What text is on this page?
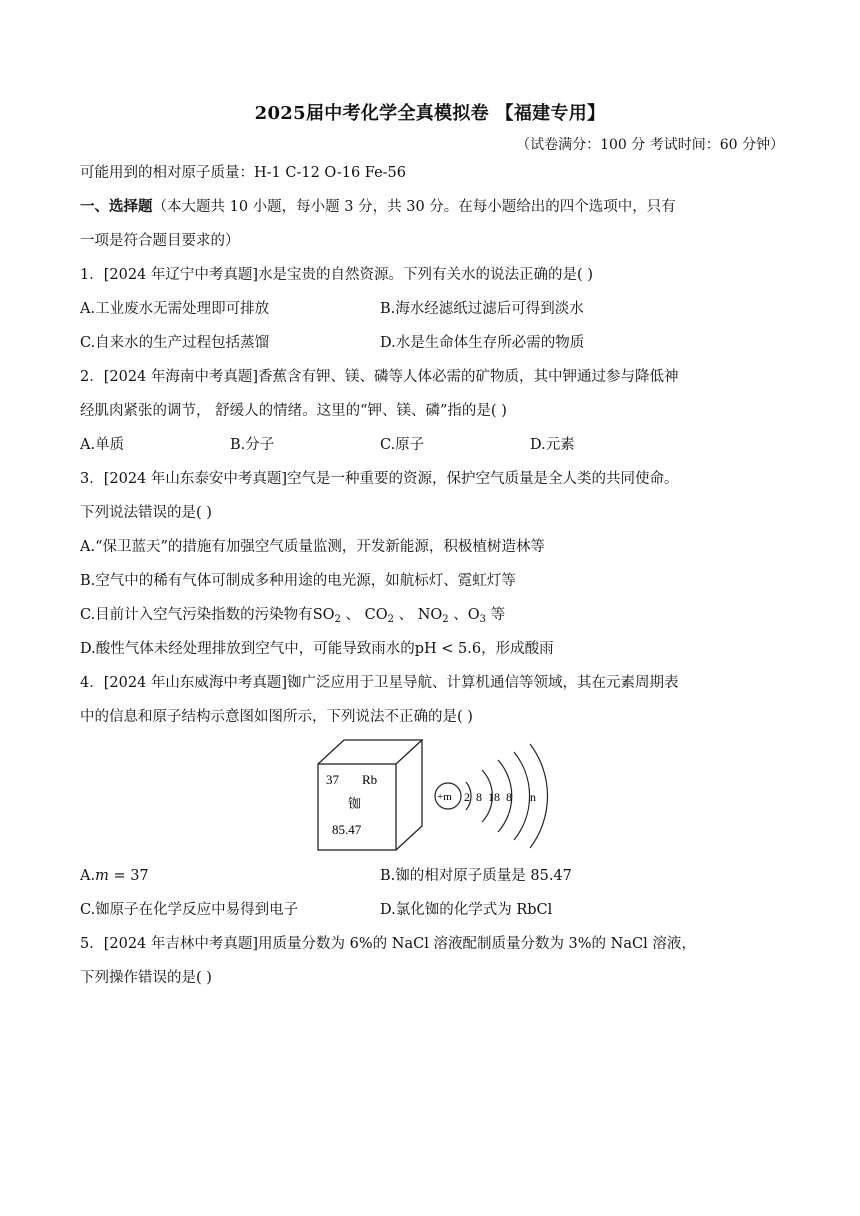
2025届中考化学全真模拟卷 【福建专用】
（试卷满分：100 分 考试时间：60 分钟）
可能用到的相对原子质量：H-1 C-12 O-16 Fe-56
一、选择题（本大题共 10 小题，每小题 3 分，共 30 分。在每小题给出的四个选项中，只有
一项是符合题目要求的）
1．[2024 年辽宁中考真题]水是宝贵的自然资源。下列有关水的说法正确的是( )
A.工业废水无需处理即可排放	B.海水经滤纸过滤后可得到淡水
C.自来水的生产过程包括蒸馏	D.水是生命体生存所必需的物质
2．[2024 年海南中考真题]香蕉含有钾、镁、磷等人体必需的矿物质，其中钾通过参与降低神
经肌肉紧张的调节， 舒缓人的情绪。这里的“钾、镁、磷”指的是( )
A.单质	B.分子	C.原子	D.元素
3．[2024 年山东泰安中考真题]空气是一种重要的资源，保护空气质量是全人类的共同使命。
下列说法错误的是( )
A.“保卫蓝天”的措施有加强空气质量监测，开发新能源，积极植树造林等
B.空气中的稀有气体可制成多种用途的电光源，如航标灯、霓虹灯等
C.目前计入空气污染指数的污染物有$SO_2$ 、 $CO_2$ 、 $NO_2$ 、$O_3$ 等
D.酸性气体未经处理排放到空气中，可能导致雨水的pH < 5.6，形成酸雨
4．[2024 年山东威海中考真题]铷广泛应用于卫星导航、计算机通信等领域，其在元素周期表
中的信息和原子结构示意图如图所示，下列说法不正确的是( )
37 Rb
铷
85.47
+m 2 8 18 8 n
A.m = 37	B.铷的相对原子质量是 85.47
C.铷原子在化学反应中易得到电子	D.氯化铷的化学式为 RbCl
5．[2024 年吉林中考真题]用质量分数为 6%的 NaCl 溶液配制质量分数为 3%的 NaCl 溶液，
下列操作错误的是( )
